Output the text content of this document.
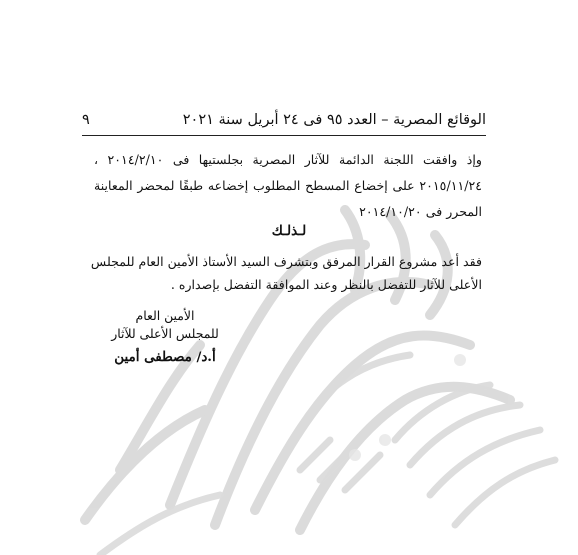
الوقائع المصرية – العدد ٩٥ فى ٢٤ أبريل سنة ٢٠٢١
٩
وإذ وافقت اللجنة الدائمة للآثار المصرية بجلستيها فى ٢٠١٤/٢/١٠ ،
٢٠١٥/١١/٢٤ على إخضاع المسطح المطلوب إخضاعه طبقًا لمحضر المعاينة
المحرر فى ٢٠١٤/١٠/٢٠
لـذلـك
فقد أعد مشروع القرار المرفق وبتشرف السيد الأستاذ الأمين العام للمجلس
الأعلى للآثار للتفضل بالنظر وعند الموافقة التفضل بإصداره .
الأمين العام
للمجلس الأعلى للآثار
أ.د/ مصطفى أمين
